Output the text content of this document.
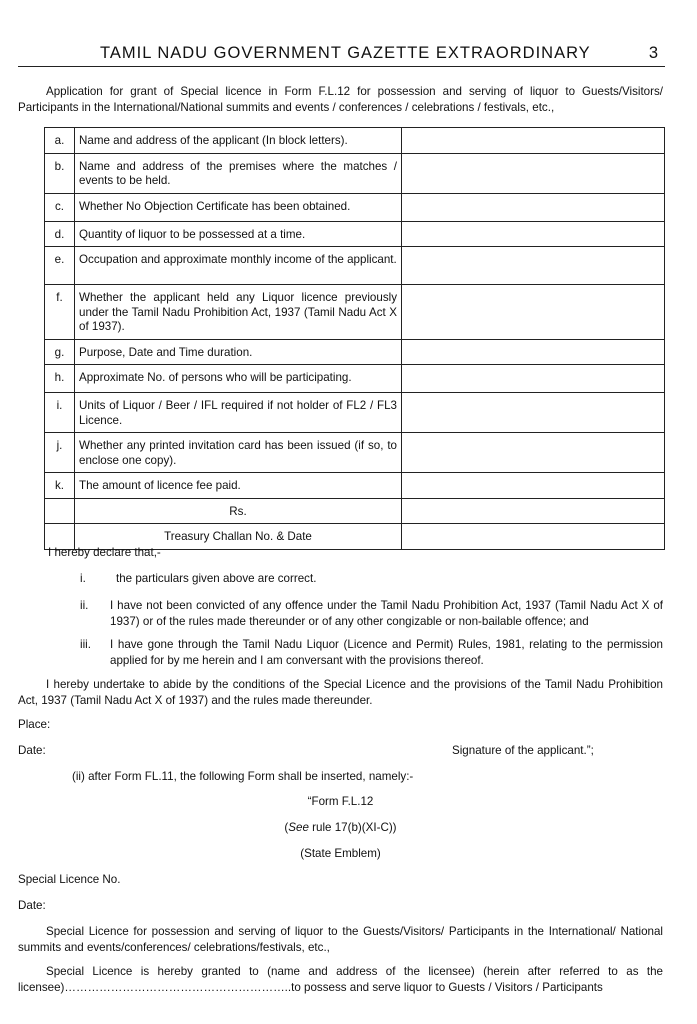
TAMIL NADU GOVERNMENT GAZETTE EXTRAORDINARY	3
Application for grant of Special licence in Form F.L.12 for possession and serving of liquor to Guests/Visitors/ Participants in the International/National summits and events / conferences / celebrations / festivals, etc.,
a.	Name and address of the applicant (In block letters).	
b.	Name and address of the premises where the matches / events to be held.	
c.	Whether No Objection Certificate has been obtained.	
d.	Quantity of liquor to be possessed at a time.	
e.	Occupation and approximate monthly income of the applicant.	
f.	Whether the applicant held any Liquor licence previously under the Tamil Nadu Prohibition Act, 1937 (Tamil Nadu Act X of 1937).	
g.	Purpose, Date and Time duration.	
h.	Approximate No. of persons who will be participating.	
i.	Units of Liquor / Beer / IFL required if not holder of FL2 / FL3 Licence.	
j.	Whether any printed invitation card has been issued (if so, to enclose one copy).	
k.	The amount of licence fee paid.	
	Rs.	
	Treasury Challan No. & Date	
I hereby declare that,-
i.	the particulars given above are correct.
ii. I have not been convicted of any offence under the Tamil Nadu Prohibition Act, 1937 (Tamil Nadu Act X of 1937) or of the rules made thereunder or of any other congizable or non-bailable offence; and
iii. I have gone through the Tamil Nadu Liquor (Licence and Permit) Rules, 1981, relating to the permission applied for by me herein and I am conversant with the provisions thereof.
I hereby undertake to abide by the conditions of the Special Licence and the provisions of the Tamil Nadu Prohibition Act, 1937 (Tamil Nadu Act X of 1937) and the rules made thereunder.
Place:
Date:	Signature of the applicant.”;
(ii) after Form FL.11, the following Form shall be inserted, namely:-
“Form F.L.12
(See rule 17(b)(XI-C))
(State Emblem)
Special Licence No.
Date:
Special Licence for possession and serving of liquor to the Guests/Visitors/ Participants in the International/ National summits and events/conferences/ celebrations/festivals, etc.,
Special Licence is hereby granted to (name and address of the licensee) (herein after referred to as the licensee)…………………………………………………..to possess and serve liquor to Guests / Visitors / Participants
